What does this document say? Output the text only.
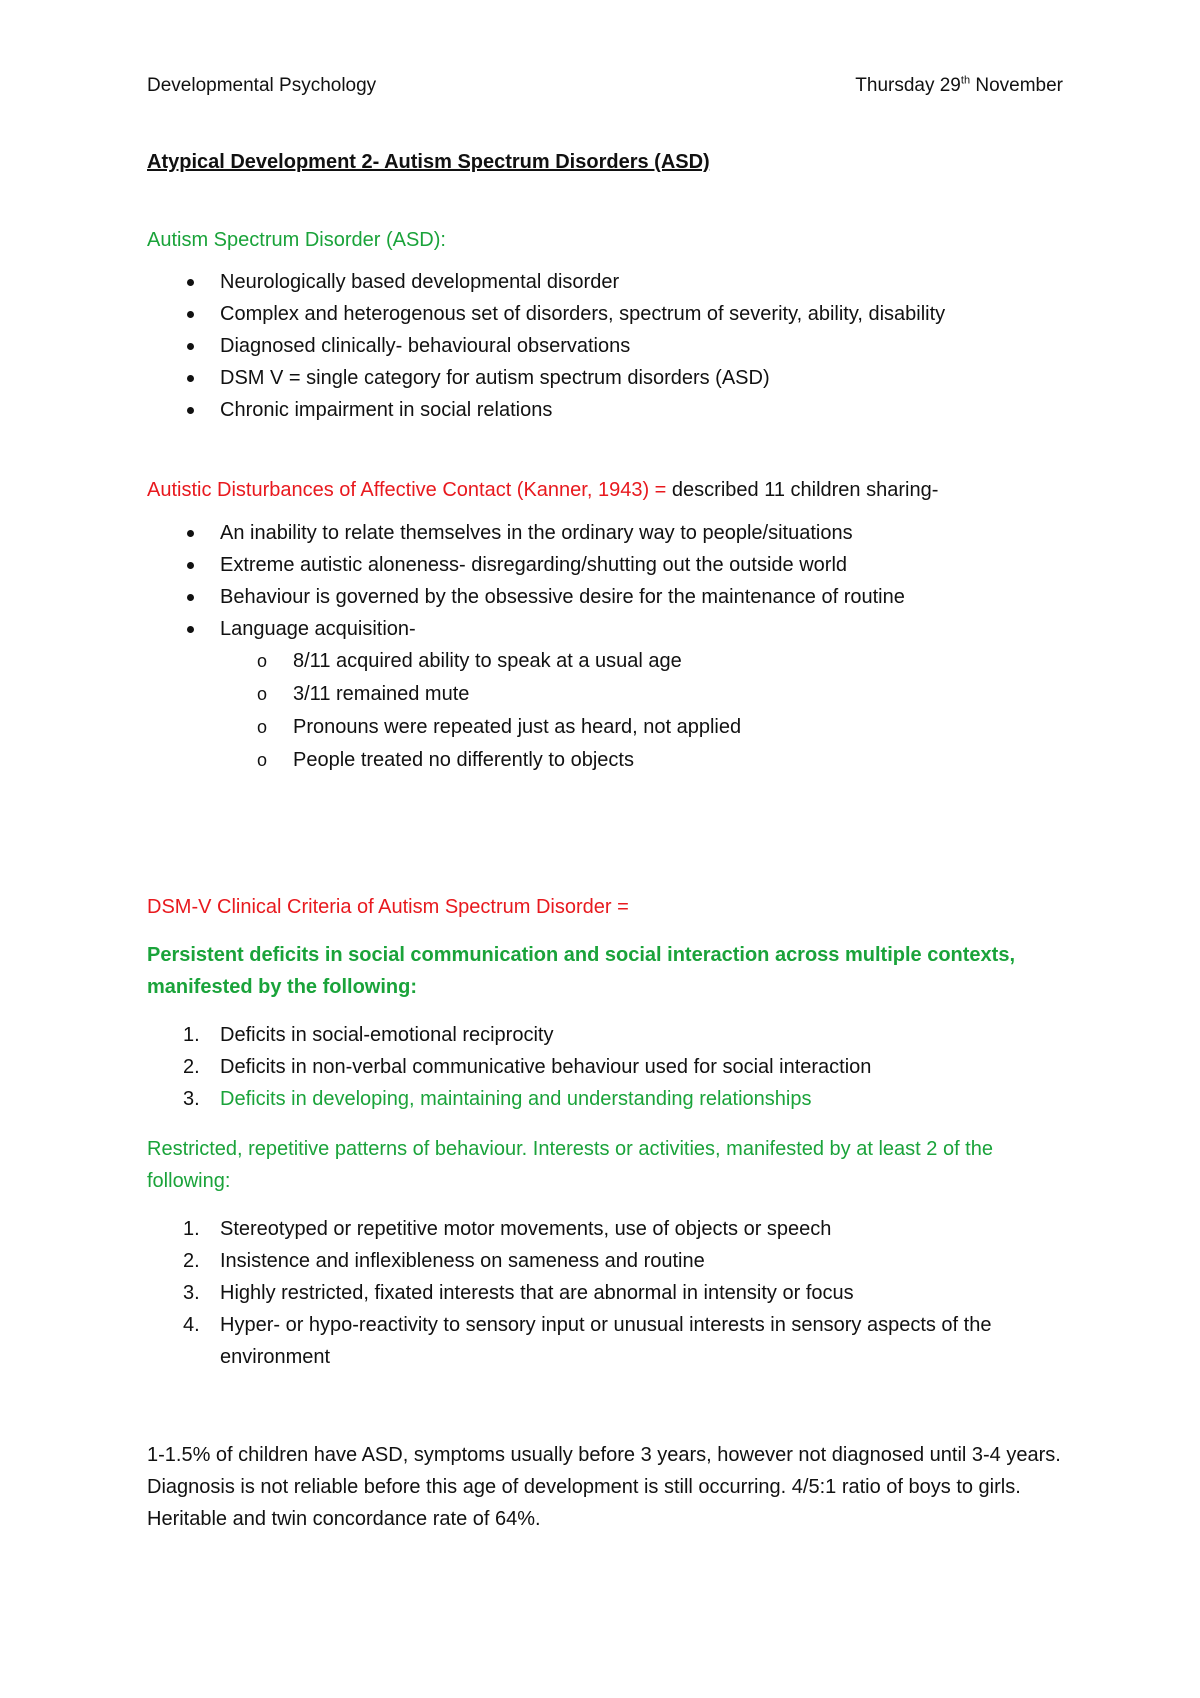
Developmental Psychology	Thursday 29th November
Atypical Development 2- Autism Spectrum Disorders (ASD)
Autism Spectrum Disorder (ASD):
Neurologically based developmental disorder
Complex and heterogenous set of disorders, spectrum of severity, ability, disability
Diagnosed clinically- behavioural observations
DSM V = single category for autism spectrum disorders (ASD)
Chronic impairment in social relations
Autistic Disturbances of Affective Contact (Kanner, 1943) = described 11 children sharing-
An inability to relate themselves in the ordinary way to people/situations
Extreme autistic aloneness- disregarding/shutting out the outside world
Behaviour is governed by the obsessive desire for the maintenance of routine
Language acquisition-
o 8/11 acquired ability to speak at a usual age
o 3/11 remained mute
o Pronouns were repeated just as heard, not applied
o People treated no differently to objects
DSM-V Clinical Criteria of Autism Spectrum Disorder =
Persistent deficits in social communication and social interaction across multiple contexts, manifested by the following:
1. Deficits in social-emotional reciprocity
2. Deficits in non-verbal communicative behaviour used for social interaction
3. Deficits in developing, maintaining and understanding relationships
Restricted, repetitive patterns of behaviour. Interests or activities, manifested by at least 2 of the following:
1. Stereotyped or repetitive motor movements, use of objects or speech
2. Insistence and inflexibleness on sameness and routine
3. Highly restricted, fixated interests that are abnormal in intensity or focus
4. Hyper- or hypo-reactivity to sensory input or unusual interests in sensory aspects of the environment
1-1.5% of children have ASD, symptoms usually before 3 years, however not diagnosed until 3-4 years. Diagnosis is not reliable before this age of development is still occurring. 4/5:1 ratio of boys to girls. Heritable and twin concordance rate of 64%.
